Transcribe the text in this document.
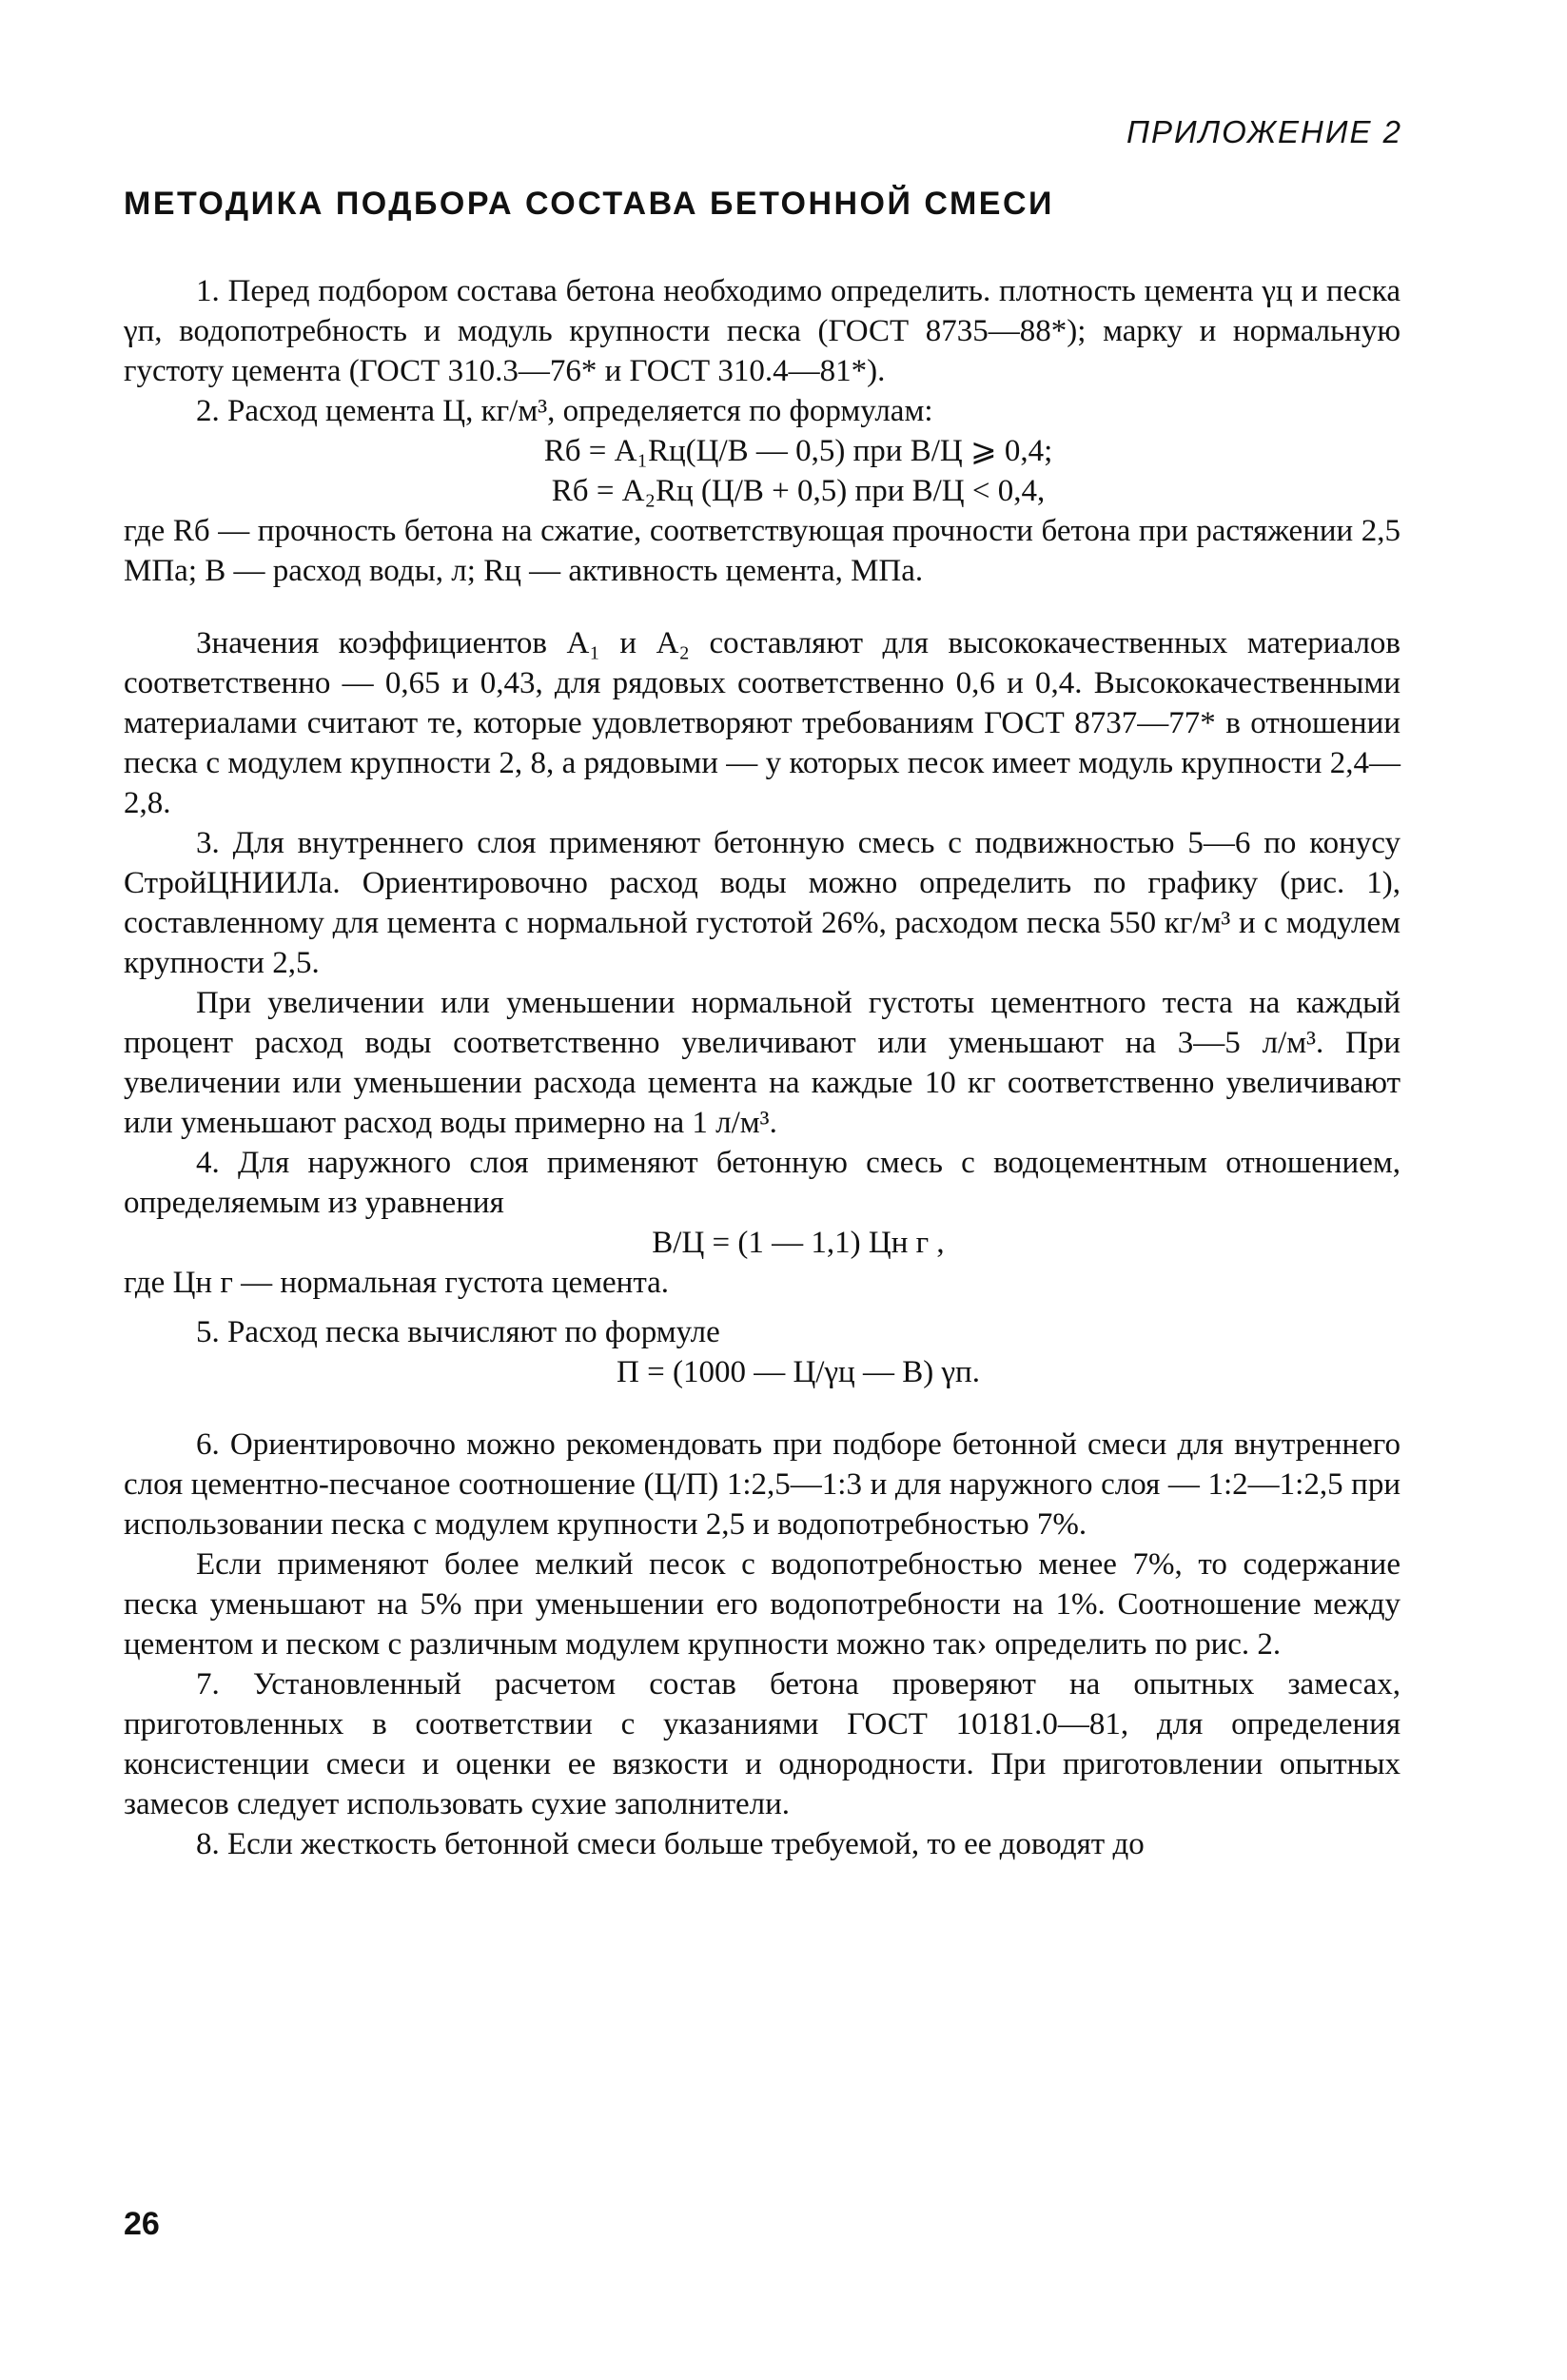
ПРИЛОЖЕНИЕ 2
МЕТОДИКА ПОДБОРА СОСТАВА БЕТОННОЙ СМЕСИ

1. Перед подбором состава бетона необходимо определить. плотность цемента γц и песка γп, водопотребность и модуль крупности песка (ГОСТ 8735—88*); марку и нормальную густоту цемента (ГОСТ 310.3—76* и ГОСТ 310.4—81*).

2. Расход цемента Ц, кг/м³, определяется по формулам:

Rб = A₁Rц(Ц/В — 0,5) при В/Ц ⩾ 0,4;

Rб = A₂Rц (Ц/В + 0,5) при В/Ц < 0,4,

где Rб — прочность бетона на сжатие, соответствующая прочности бетона при растяжении 2,5 МПа; В — расход воды, л; Rц — активность цемента, МПа.

Значения коэффициентов A₁ и A₂ составляют для высококачественных материалов соответственно — 0,65 и 0,43, для рядовых соответственно 0,6 и 0,4. Высококачественными материалами считают те, которые удовлетворяют требованиям ГОСТ 8737—77* в отношении песка с модулем крупности 2, 8, а рядовыми — у которых песок имеет модуль крупности 2,4—2,8.

3. Для внутреннего слоя применяют бетонную смесь с подвижностью 5—6 по конусу СтройЦНИИЛа. Ориентировочно расход воды можно определить по графику (рис. 1), составленному для цемента с нормальной густотой 26%, расходом песка 550 кг/м³ и с модулем крупности 2,5.

При увеличении или уменьшении нормальной густоты цементного теста на каждый процент расход воды соответственно увеличивают или уменьшают на 3—5 л/м³. При увеличении или уменьшении расхода цемента на каждые 10 кг соответственно увеличивают или уменьшают расход воды примерно на 1 л/м³.

4. Для наружного слоя применяют бетонную смесь с водоцементным отношением, определяемым из уравнения

В/Ц = (1 — 1,1) Цн г ,

где Цн г — нормальная густота цемента.

5. Расход песка вычисляют по формуле

П = (1000 — Ц/γц — В) γп.

6. Ориентировочно можно рекомендовать при подборе бетонной смеси для внутреннего слоя цементно-песчаное соотношение (Ц/П) 1:2,5—1:3 и для наружного слоя — 1:2—1:2,5 при использовании песка с модулем крупности 2,5 и водопотребностью 7%.

Если применяют более мелкий песок с водопотребностью менее 7%, то содержание песка уменьшают на 5% при уменьшении его водопотребности на 1%. Соотношение между цементом и песком с различным модулем крупности можно так› определить по рис. 2.

7. Установленный расчетом состав бетона проверяют на опытных замесах, приготовленных в соответствии с указаниями ГОСТ 10181.0—81, для определения консистенции смеси и оценки ее вязкости и однородности. При приготовлении опытных замесов следует использовать сухие заполнители.

8. Если жесткость бетонной смеси больше требуемой, то ее доводят до

26
